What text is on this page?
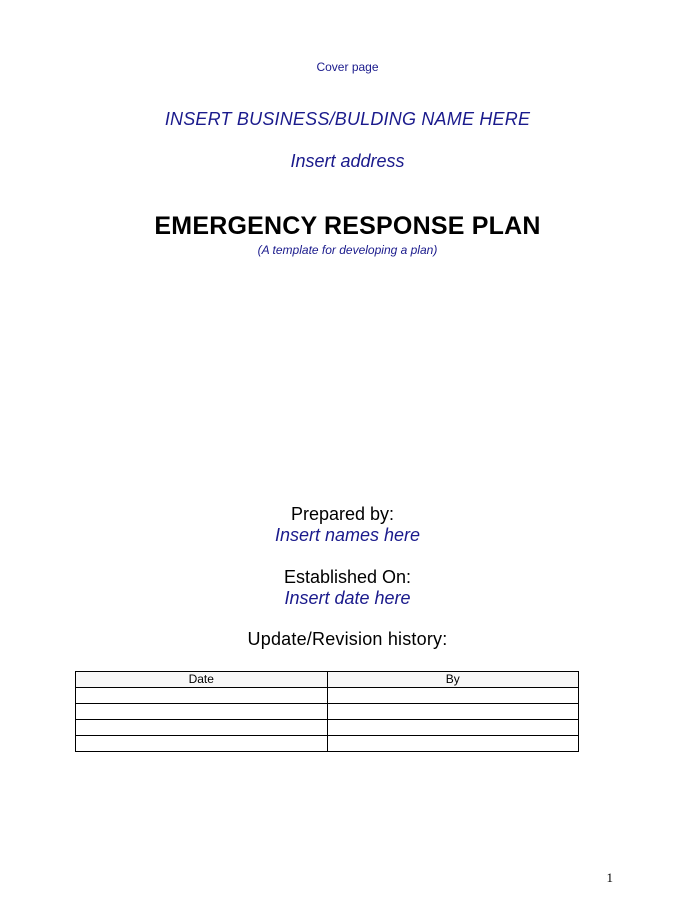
Cover page
INSERT BUSINESS/BULDING NAME HERE
Insert address
EMERGENCY RESPONSE PLAN
(A template for developing a plan)
Prepared by:
Insert names here
Established On:
Insert date here
Update/Revision history:
Date	By

1
